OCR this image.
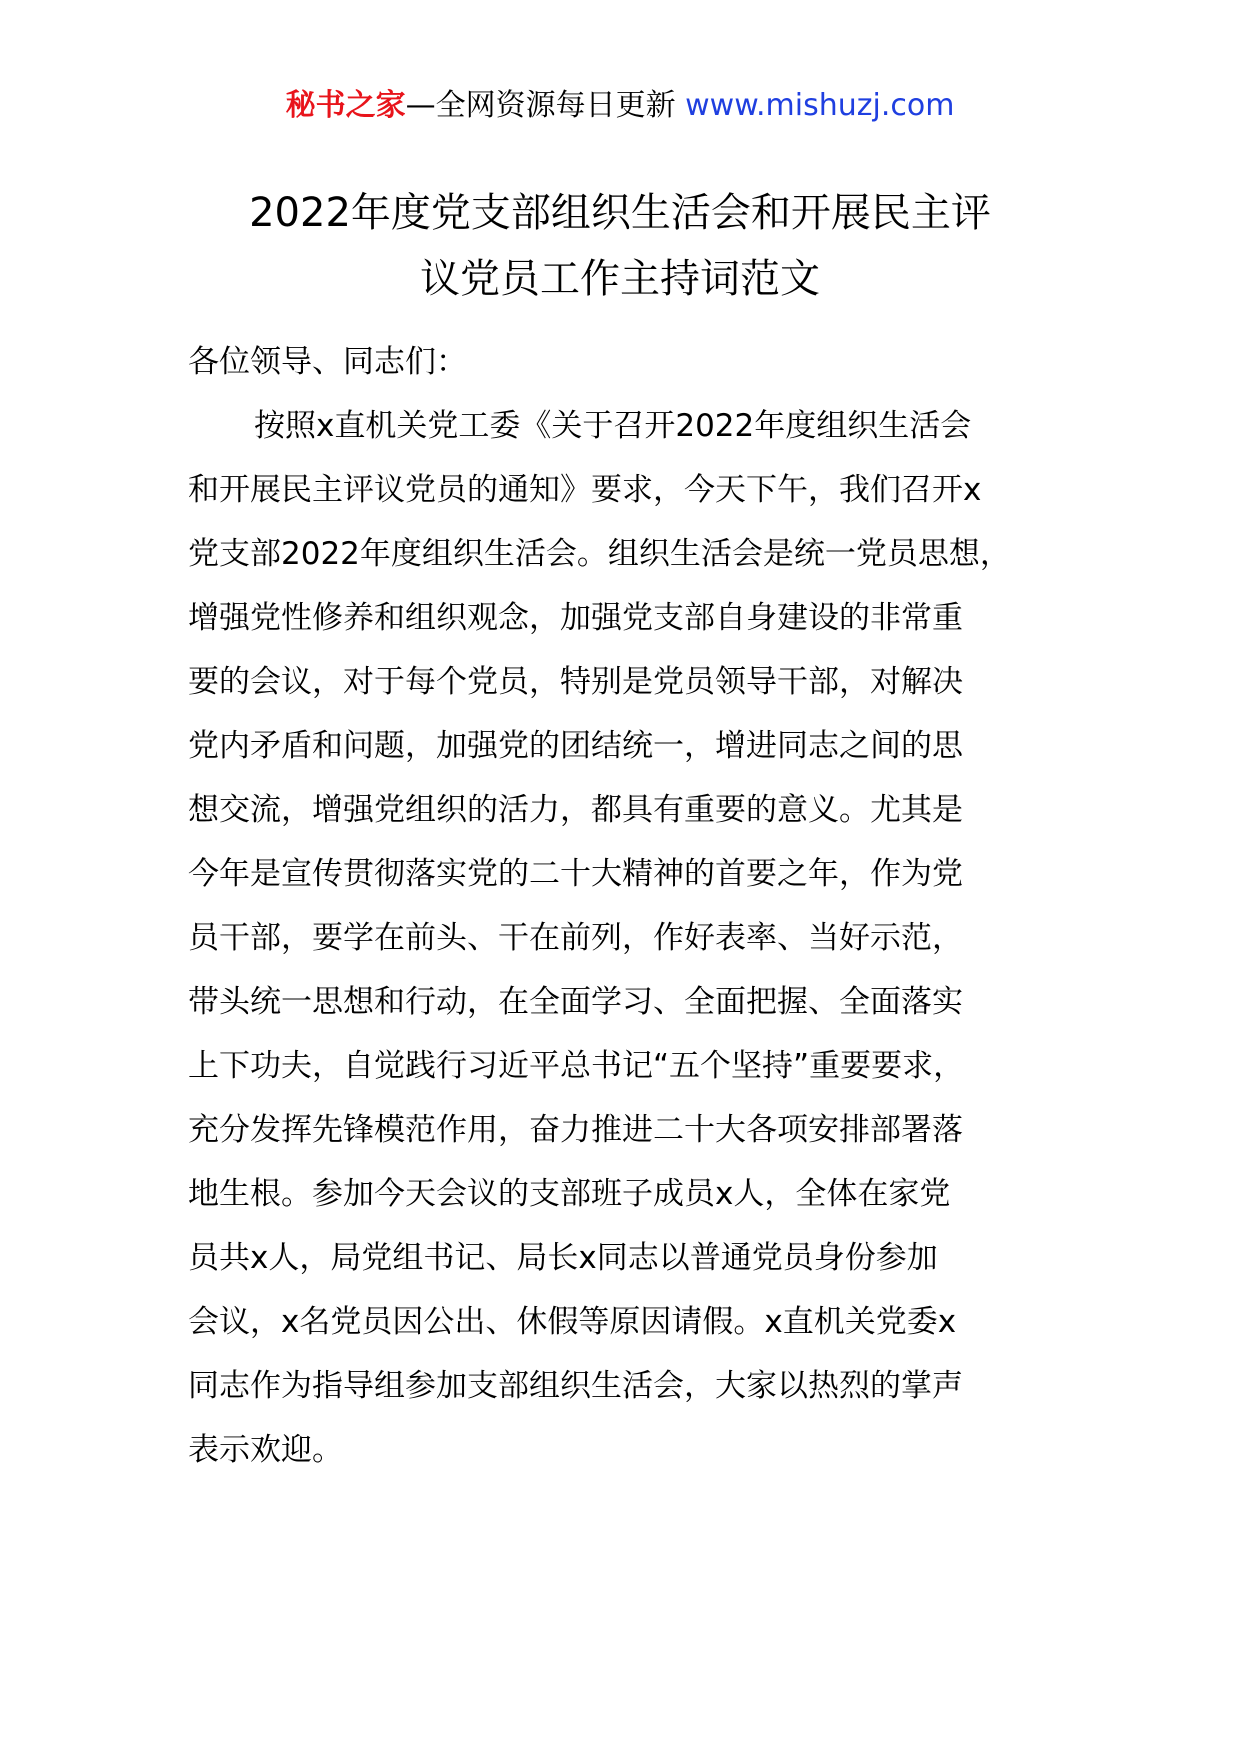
秘书之家—全网资源每日更新 www.mishuzj.com
2022年度党支部组织生活会和开展民主评
议党员工作主持词范文
各位领导、同志们：
按照x直机关党工委《关于召开2022年度组织生活会
和开展民主评议党员的通知》要求，今天下午，我们召开x
党支部2022年度组织生活会。组织生活会是统一党员思想，
增强党性修养和组织观念，加强党支部自身建设的非常重
要的会议，对于每个党员，特别是党员领导干部，对解决
党内矛盾和问题，加强党的团结统一，增进同志之间的思
想交流，增强党组织的活力，都具有重要的意义。尤其是
今年是宣传贯彻落实党的二十大精神的首要之年，作为党
员干部，要学在前头、干在前列，作好表率、当好示范，
带头统一思想和行动，在全面学习、全面把握、全面落实
上下功夫，自觉践行习近平总书记“五个坚持”重要要求，
充分发挥先锋模范作用，奋力推进二十大各项安排部署落
地生根。参加今天会议的支部班子成员x人，全体在家党
员共x人，局党组书记、局长x同志以普通党员身份参加
会议，x名党员因公出、休假等原因请假。x直机关党委x
同志作为指导组参加支部组织生活会，大家以热烈的掌声
表示欢迎。
